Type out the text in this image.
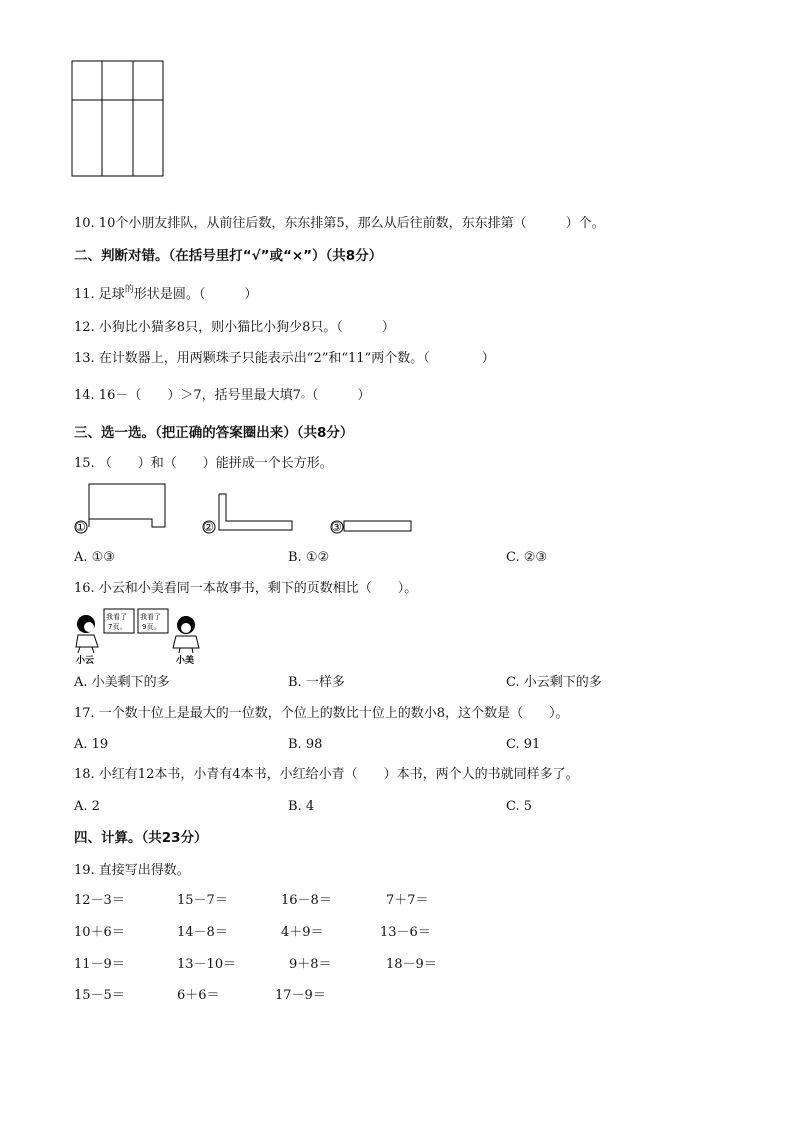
10. 10个小朋友排队，从前往后数，东东排第5，那么从后往前数，东东排第（　　　）个。
二、判断对错。（在括号里打“√”或“×”）（共8分）
11. 足球$^的$形状是圆。（　　　）
12. 小狗比小猫多8只，则小猫比小狗少8只。（　　　）
13. 在计数器上，用两颗珠子只能表示出“2”和“11”两个数。（　　　　）
14. 16－（　　）＞7，括号里最大填7。（　　　）
三、选一选。（把正确的答案圈出来）（共8分）
15. （　　）和（　　）能拼成一个长方形。
①	②	③
A. ①③	B. ①②	C. ②③
16. 小云和小美看同一本故事书，剩下的页数相比（　　）。
我看了
7页。
我看了
9页。
小云	小美
A. 小美剩下的多	B. 一样多	C. 小云剩下的多
17. 一个数十位上是最大的一位数，个位上的数比十位上的数小8，这个数是（　　）。
A. 19	B. 98	C. 91
18. 小红有12本书，小青有4本书，小红给小青（　　）本书，两个人的书就同样多了。
A. 2	B. 4	C. 5
四、计算。（共23分）
19. 直接写出得数。
12－3＝	15－7＝	16－8＝	7＋7＝
10＋6＝	14－8＝	4＋9＝	13－6＝
11－9＝	13－10＝	9＋8＝	18－9＝
15－5＝	6＋6＝	17－9＝
